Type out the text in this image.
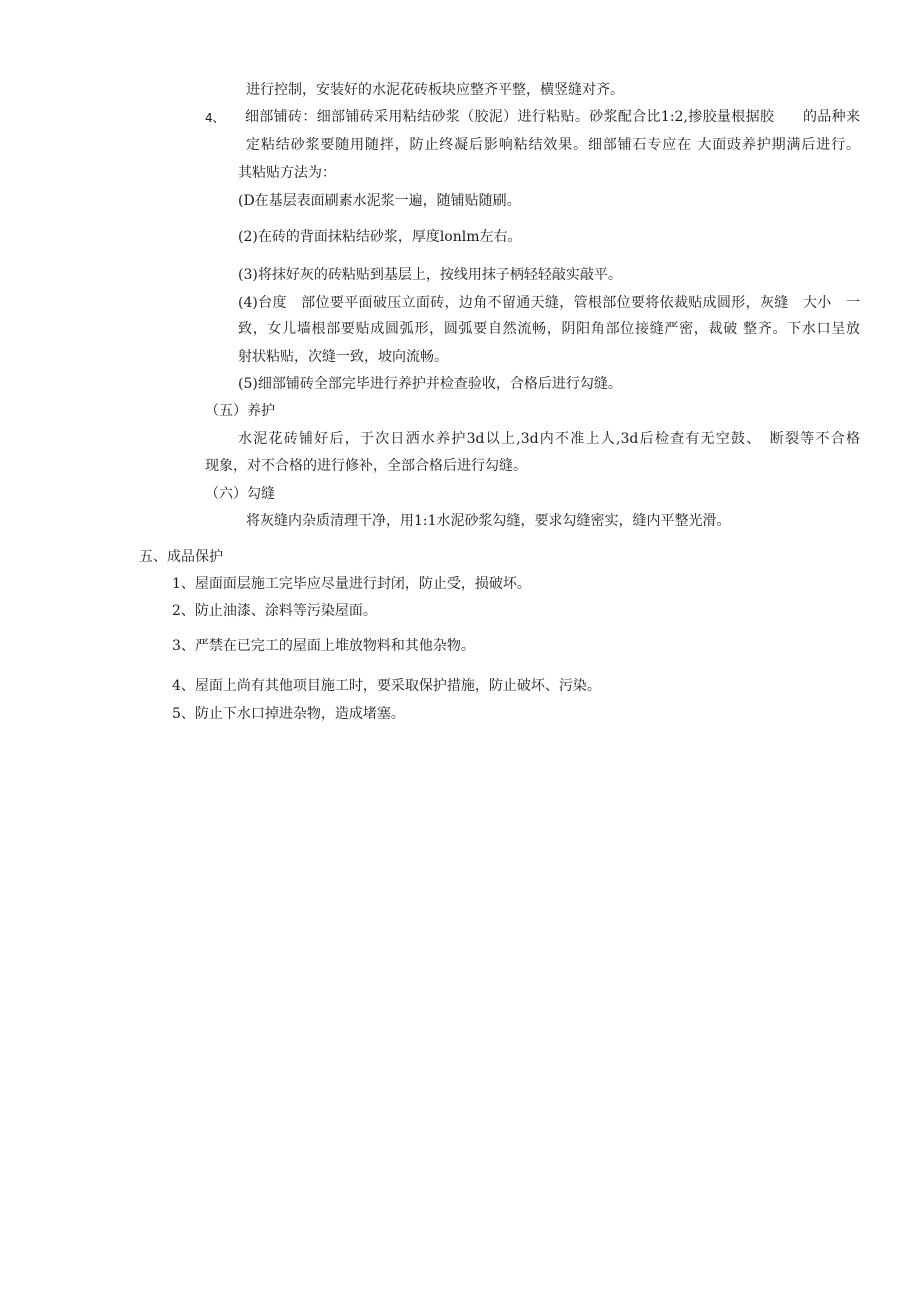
进行控制，安装好的水泥花砖板块应整齐平整，横竖缝对齐。

4、 细部铺砖：细部铺砖采用粘结砂浆（胶泥）进行粘贴。砂浆配合比1:2,掺胶量根据胶　　的品种来

定粘结砂浆要随用随拌，防止终凝后影响粘结效果。细部铺石专应在 大面豉养护期满后进行。

其粘贴方法为：

(D在基层表面刷素水泥浆一遍，随铺贴随刷。

(2)在砖的背面抹粘结砂浆，厚度lonlm左右。

(3)将抹好灰的砖粘贴到基层上，按线用抹子柄轻轻敲实敲平。

(4)台度　部位要平面破压立面砖，边角不留通天缝，管根部位要将依裁贴成圆形，灰缝　大小　一

致，女儿墙根部要贴成圆弧形，圆弧要自然流畅，阴阳角部位接缝严密，裁破 整齐。下水口呈放

射状粘贴，次缝一致，坡向流畅。

(5)细部铺砖全部完毕进行养护并检查验收，合格后进行勾缝。

（五）养护

水泥花砖铺好后，于次日洒水养护3d以上,3d内不准上人,3d后检查有无空鼓、　断裂等不合格

现象，对不合格的进行修补，全部合格后进行勾缝。

（六）勾缝

将灰缝内杂质清理干净，用1:1水泥砂浆勾缝，要求勾缝密实，缝内平整光滑。

五、成品保护

1、屋面面层施工完毕应尽量进行封闭，防止受，损破坏。

2、防止油漆、涂料等污染屋面。

3、严禁在已完工的屋面上堆放物料和其他杂物。

4、屋面上尚有其他项目施工时，要采取保护措施，防止破坏、污染。

5、防止下水口掉进杂物，造成堵塞。
